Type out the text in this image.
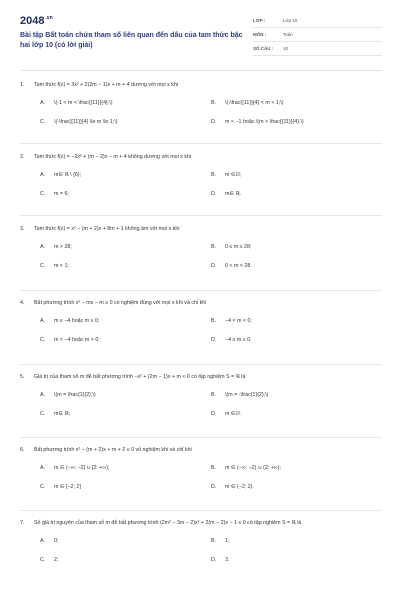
$2048^{.vn}$
Bài tập Bất toán chứa tham số liên quan đến dấu của tam thức bậc hai lớp 10 (có lời giải)
LỚP :	Lớp 10
MÔN :	Toán
SỐ CÂU :	10
1.	Tam thức f(x) = 3x² + 2(2m − 1)x + m + 4 dương với mọi x khi
A. \(-1 < m < \frac{{11}}{4};\)	B. \(-\frac{{11}}{4} < m < 1;\)
C. \(-\frac{{11}}{4} \le m \le 1;\)	D. m < −1 hoặc \(m > \frac{{11}}{4}.\)
2.	Tam thức f(x) = −2x² + (m − 2)x − m + 4 không dương với mọi x khi
A. m∈ ℝ \ {6};	B. m ∈∅;
C. m = 6;	D. m∈ ℝ.
3.	Tam thức f(x) = x² − (m + 2)x + 8m + 1 không âm với mọi x khi
A. m > 28;	B. 0 ≤ m ≤ 28;
C. m < 1;	D. 0 < m < 28.
4.	Bất phương trình x² − mx − m ≥ 0 có nghiệm đúng với mọi x khi và chỉ khi
A. m ≤ −4 hoặc m ≥ 0;	B. −4 < m < 0;
C. m < −4 hoặc m > 0;	D. −4 ≤ m ≤ 0.
5.	Giá trị của tham số m để bất phương trình −x² + (2m − 1)x + m < 0 có tập nghiệm S = ℝ là
A. \(m = \frac{1}{2};\)	B. \(m = -\frac{1}{2};\)
C. m∈ ℝ;	D. m ∈∅.
6.	Bất phương trình x² − (m + 2)x + m + 2 ≤ 0 vô nghiệm khi và chỉ khi
A. m ∈ (−∞; −2] ∪ [2; +∞);	B. m ∈ (−∞; −2) ∪ (2; +∞);
C. m ∈ [−2; 2]	D. m ∈ (−2; 2).
7.	Số giá trị nguyên của tham số m để bất phương trình (2m² − 3m − 2)x² + 2(m − 2)x − 1 ≤ 0 có tập nghiệm S = ℝ là
A. 0;	B. 1;
C. 2;	D. 3.
